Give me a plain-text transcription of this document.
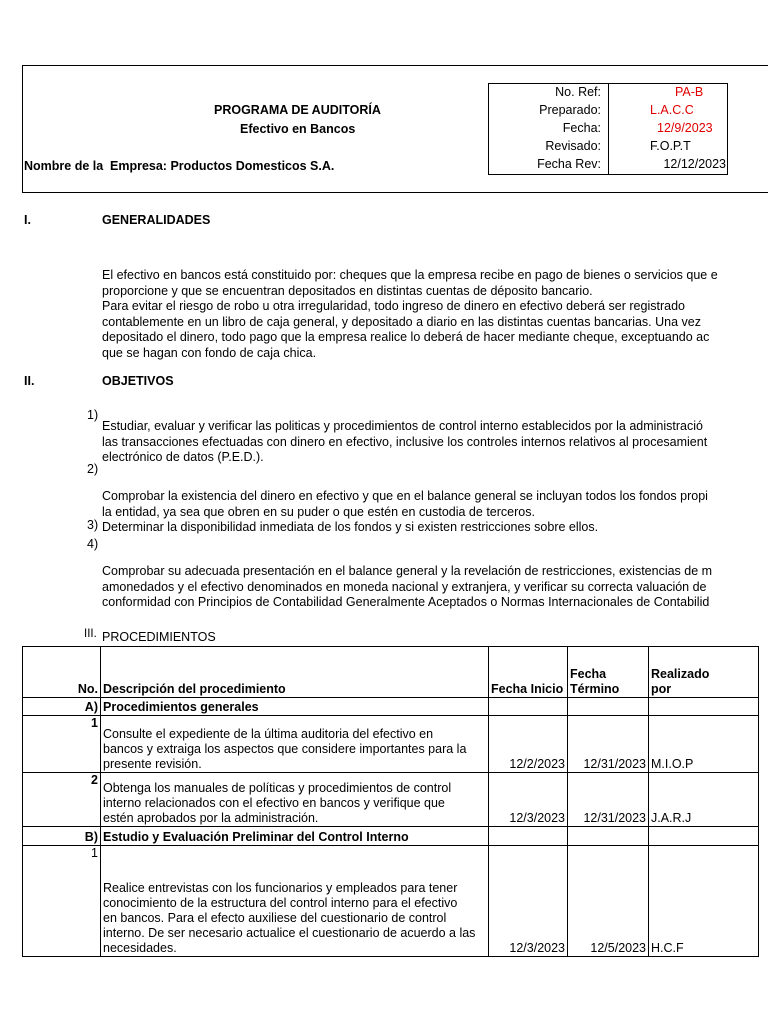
PROGRAMA DE AUDITORÍA
Efectivo en Bancos
Nombre de la Empresa: Productos Domesticos S.A.
No. Ref:	PA-B
Preparado:	L.A.C.C
Fecha:	12/9/2023
Revisado:	F.O.P.T
Fecha Rev:	12/12/2023
I.	GENERALIDADES
El efectivo en bancos está constituido por: cheques que la empresa recibe en pago de bienes o servicios que e
proporcione y que se encuentran depositados en distintas cuentas de déposito bancario.
Para evitar el riesgo de robo u otra irregularidad, todo ingreso de dinero en efectivo deberá ser registrado
contablemente en un libro de caja general, y depositado a diario en las distintas cuentas bancarias. Una vez
depositado el dinero, todo pago que la empresa realice lo deberá de hacer mediante cheque, exceptuando ac
que se hagan con fondo de caja chica.
II.	OBJETIVOS
1)
Estudiar, evaluar y verificar las politicas y procedimientos de control interno establecidos por la administració
las transacciones efectuadas con dinero en efectivo, inclusive los controles internos relativos al procesamient
electrónico de datos (P.E.D.).
2)
Comprobar la existencia del dinero en efectivo y que en el balance general se incluyan todos los fondos propi
la entidad, ya sea que obren en su puder o que estén en custodia de terceros.
3) Determinar la disponibilidad inmediata de los fondos y si existen restricciones sobre ellos.
4)
Comprobar su adecuada presentación en el balance general y la revelación de restricciones, existencias de m
amonedados y el efectivo denominados en moneda nacional y extranjera, y verificar su correcta valuación de
conformidad con Principios de Contabilidad Generalmente Aceptados o Normas Internacionales de Contabilid
III. PROCEDIMIENTOS
No.	Descripción del procedimiento	Fecha Inicio	Fecha
Término	Realizado
por
A)	Procedimientos generales			
1	Consulte el expediente de la última auditoria del efectivo en
bancos y extraiga los aspectos que considere importantes para la
presente revisión.	12/2/2023	12/31/2023	M.I.O.P
2	Obtenga los manuales de políticas y procedimientos de control
interno relacionados con el efectivo en bancos y verifique que
estén aprobados por la administración.	12/3/2023	12/31/2023	J.A.R.J
B)	Estudio y Evaluación Preliminar del Control Interno			
1	Realice entrevistas con los funcionarios y empleados para tener
conocimiento de la estructura del control interno para el efectivo
en bancos. Para el efecto auxiliese del cuestionario de control
interno. De ser necesario actualice el cuestionario de acuerdo a las
necesidades.	12/3/2023	12/5/2023	H.C.F
